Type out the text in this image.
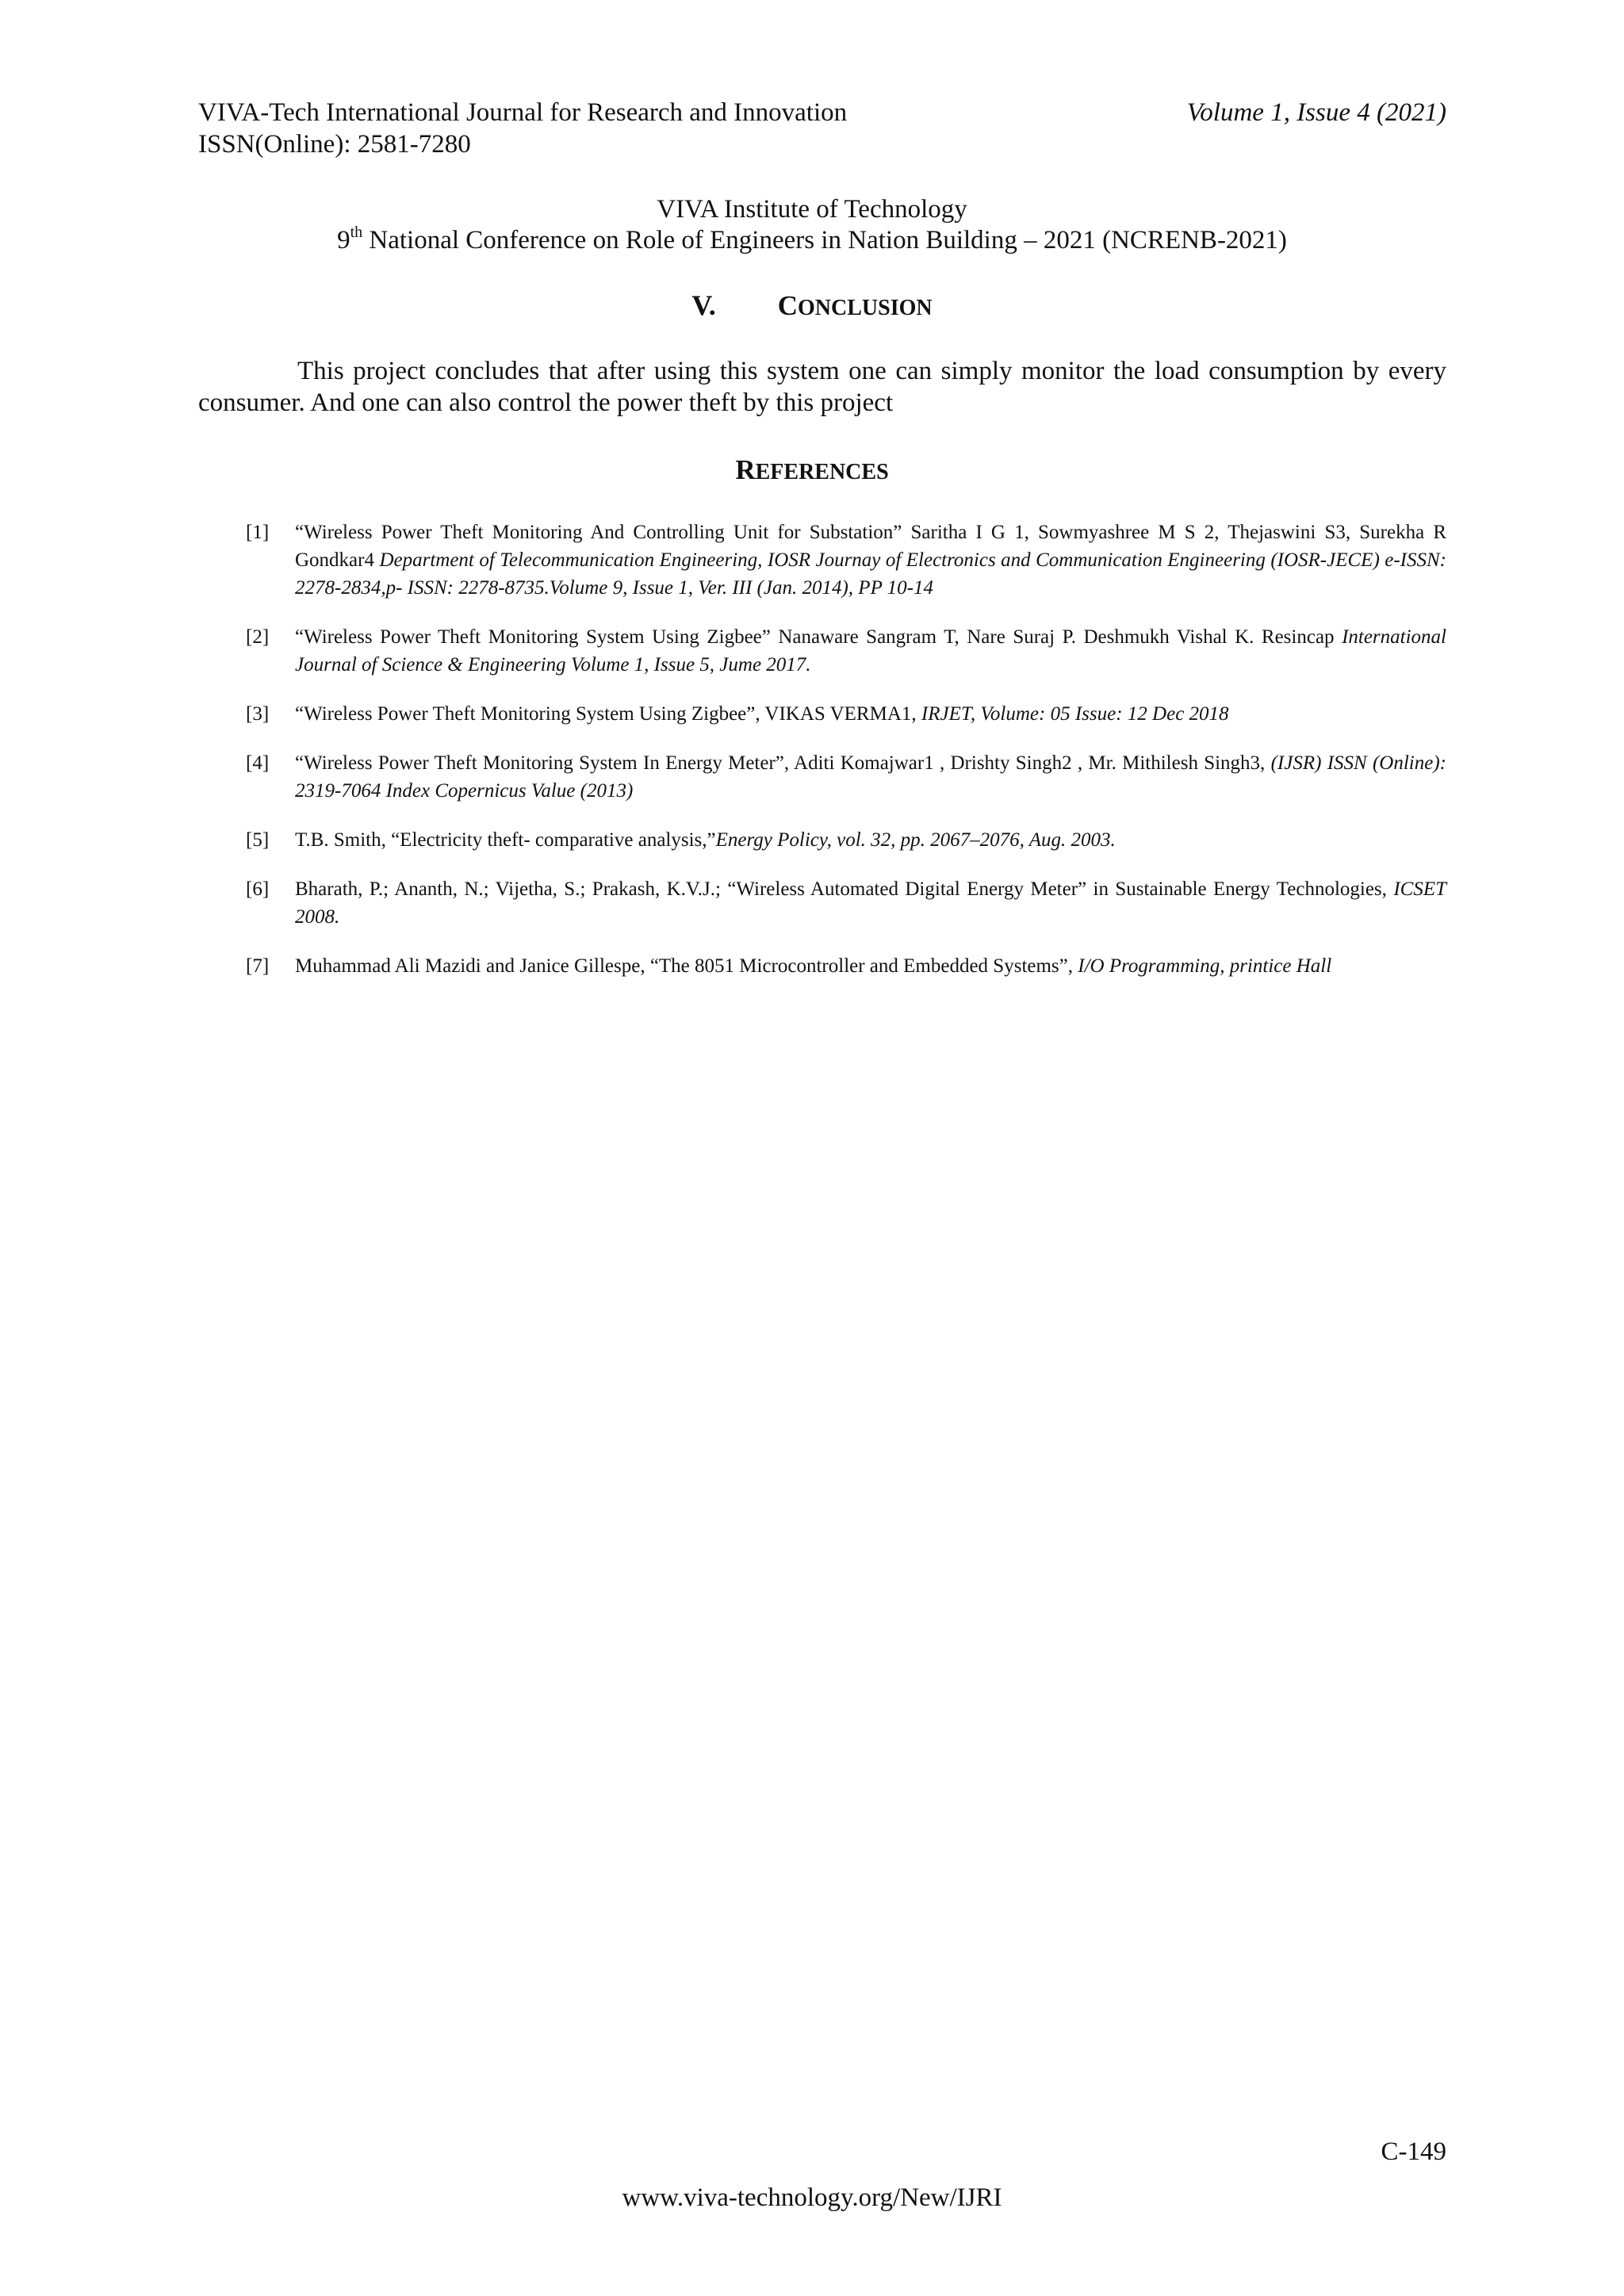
VIVA-Tech International Journal for Research and Innovation
ISSN(Online): 2581-7280
Volume 1, Issue 4 (2021)
VIVA Institute of Technology
9th National Conference on Role of Engineers in Nation Building – 2021 (NCRENB-2021)
V. CONCLUSION
This project concludes that after using this system one can simply monitor the load consumption by every consumer. And one can also control the power theft by this project
REFERENCES
[1] “Wireless Power Theft Monitoring And Controlling Unit for Substation” Saritha I G 1, Sowmyashree M S 2, Thejaswini S3, Surekha R Gondkar4 Department of Telecommunication Engineering, IOSR Journay of Electronics and Communication Engineering (IOSR-JECE) e-ISSN: 2278-2834,p- ISSN: 2278-8735.Volume 9, Issue 1, Ver. III (Jan. 2014), PP 10-14
[2] “Wireless Power Theft Monitoring System Using Zigbee” Nanaware Sangram T, Nare Suraj P. Deshmukh Vishal K. Resincap International Journal of Science & Engineering Volume 1, Issue 5, Jume 2017.
[3] “Wireless Power Theft Monitoring System Using Zigbee”, VIKAS VERMA1, IRJET, Volume: 05 Issue: 12 Dec 2018
[4] “Wireless Power Theft Monitoring System In Energy Meter”, Aditi Komajwar1 , Drishty Singh2 , Mr. Mithilesh Singh3, (IJSR) ISSN (Online): 2319-7064 Index Copernicus Value (2013)
[5] T.B. Smith, “Electricity theft- comparative analysis,”Energy Policy, vol. 32, pp. 2067–2076, Aug. 2003.
[6] Bharath, P.; Ananth, N.; Vijetha, S.; Prakash, K.V.J.; “Wireless Automated Digital Energy Meter” in Sustainable Energy Technologies, ICSET 2008.
[7] Muhammad Ali Mazidi and Janice Gillespe, “The 8051 Microcontroller and Embedded Systems”, I/O Programming, printice Hall
C-149
www.viva-technology.org/New/IJRI
